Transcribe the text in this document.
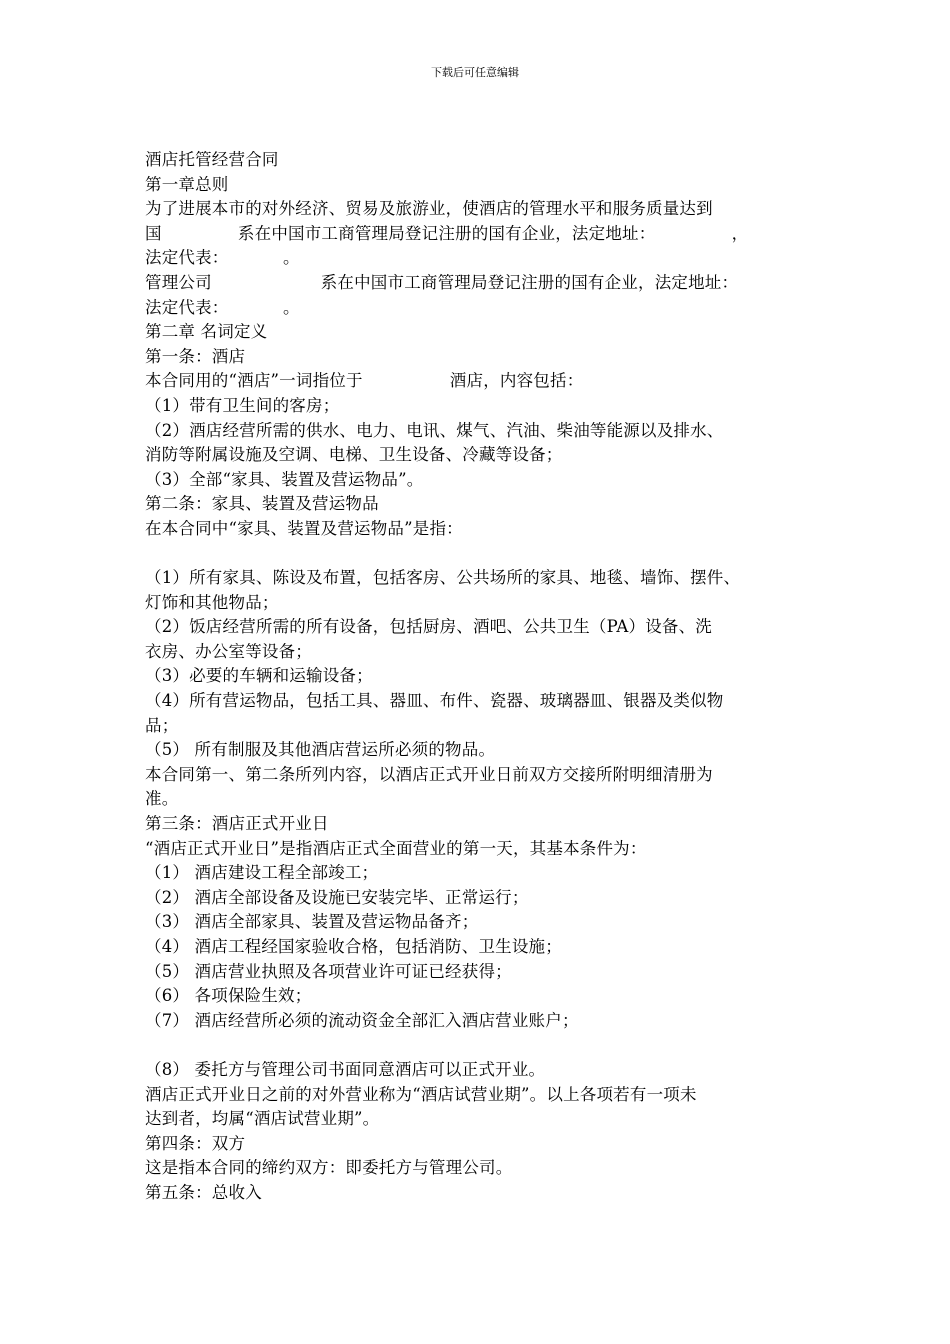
下载后可任意编辑
酒店托管经营合同
第一章总则
为了进展本市的对外经济、贸易及旅游业，使酒店的管理水平和服务质量达到
国              系在中国市工商管理局登记注册的国有企业，法定地址：              ，
法定代表：          。
管理公司                    系在中国市工商管理局登记注册的国有企业，法定地址：
法定代表：          。
第二章 名词定义
第一条：酒店
本合同用的“酒店”一词指位于                酒店，内容包括：
（1）带有卫生间的客房；
（2）酒店经营所需的供水、电力、电讯、煤气、汽油、柴油等能源以及排水、
消防等附属设施及空调、电梯、卫生设备、冷藏等设备；
（3）全部“家具、装置及营运物品”。
第二条：家具、装置及营运物品
在本合同中“家具、装置及营运物品”是指：
（1）所有家具、陈设及布置，包括客房、公共场所的家具、地毯、墙饰、摆件、
灯饰和其他物品；
（2）饭店经营所需的所有设备，包括厨房、酒吧、公共卫生（PA）设备、洗
衣房、办公室等设备；
（3）必要的车辆和运输设备；
（4）所有营运物品，包括工具、器皿、布件、瓷器、玻璃器皿、银器及类似物
品；
（5） 所有制服及其他酒店营运所必须的物品。
本合同第一、第二条所列内容，以酒店正式开业日前双方交接所附明细清册为
准。
第三条：酒店正式开业日
“酒店正式开业日”是指酒店正式全面营业的第一天，其基本条件为：
（1） 酒店建设工程全部竣工；
（2） 酒店全部设备及设施已安装完毕、正常运行；
（3） 酒店全部家具、装置及营运物品备齐；
（4） 酒店工程经国家验收合格，包括消防、卫生设施；
（5） 酒店营业执照及各项营业许可证已经获得；
（6） 各项保险生效；
（7） 酒店经营所必须的流动资金全部汇入酒店营业账户；
（8） 委托方与管理公司书面同意酒店可以正式开业。
酒店正式开业日之前的对外营业称为“酒店试营业期”。以上各项若有一项未
达到者，均属“酒店试营业期”。
第四条：双方
这是指本合同的缔约双方：即委托方与管理公司。
第五条：总收入
